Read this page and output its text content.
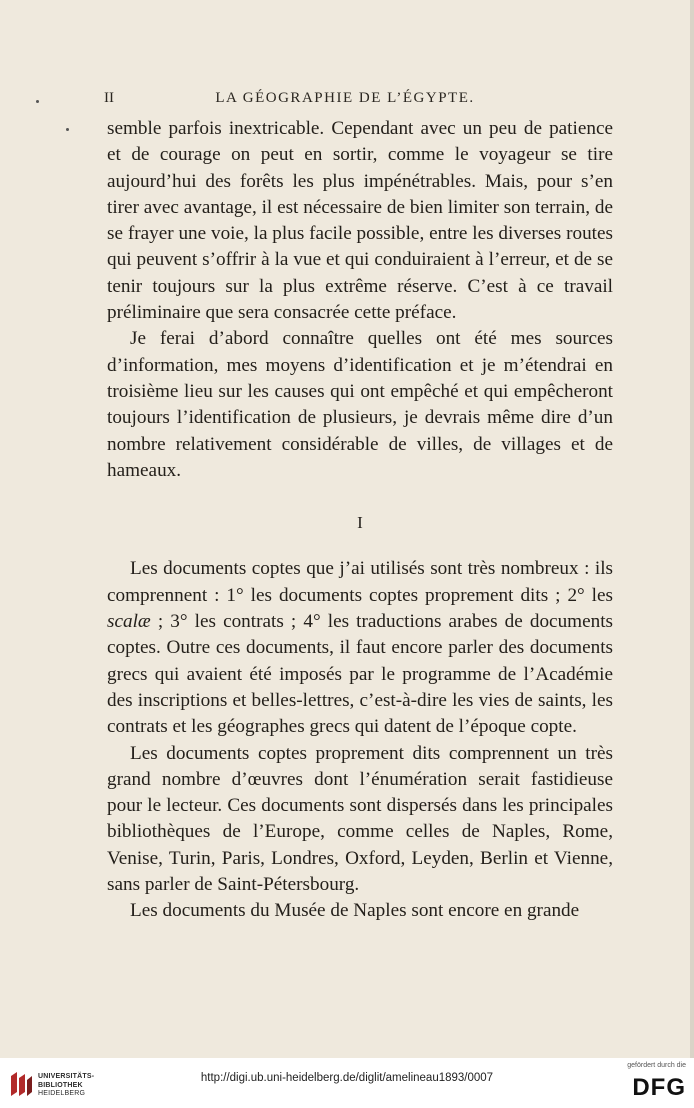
II	LA GÉOGRAPHIE DE L’ÉGYPTE.

semble parfois inextricable. Cependant avec un peu de patience et de courage on peut en sortir, comme le voyageur se tire aujourd’hui des forêts les plus impénétrables. Mais, pour s’en tirer avec avantage, il est nécessaire de bien limiter son terrain, de se frayer une voie, la plus facile possible, entre les diverses routes qui peuvent s’offrir à la vue et qui conduiraient à l’erreur, et de se tenir toujours sur la plus extrême réserve. C’est à ce travail préliminaire que sera consacrée cette préface.

Je ferai d’abord connaître quelles ont été mes sources d’information, mes moyens d’identification et je m’étendrai en troisième lieu sur les causes qui ont empêché et qui empêcheront toujours l’identification de plusieurs, je devrais même dire d’un nombre relativement considérable de villes, de villages et de hameaux.

I

Les documents coptes que j’ai utilisés sont très nombreux : ils comprennent : 1° les documents coptes proprement dits ; 2° les scalæ ; 3° les contrats ; 4° les traductions arabes de documents coptes. Outre ces documents, il faut encore parler des documents grecs qui avaient été imposés par le programme de l’Académie des inscriptions et belles-lettres, c’est-à-dire les vies de saints, les contrats et les géographes grecs qui datent de l’époque copte.

Les documents coptes proprement dits comprennent un très grand nombre d’œuvres dont l’énumération serait fastidieuse pour le lecteur. Ces documents sont dispersés dans les principales bibliothèques de l’Europe, comme celles de Naples, Rome, Venise, Turin, Paris, Londres, Oxford, Leyden, Berlin et Vienne, sans parler de Saint-Pétersbourg.

Les documents du Musée de Naples sont encore en grande

UNIVERSITÄTS-
BIBLIOTHEK
HEIDELBERG
http://digi.ub.uni-heidelberg.de/diglit/amelineau1893/0007
gefördert durch die
DFG
